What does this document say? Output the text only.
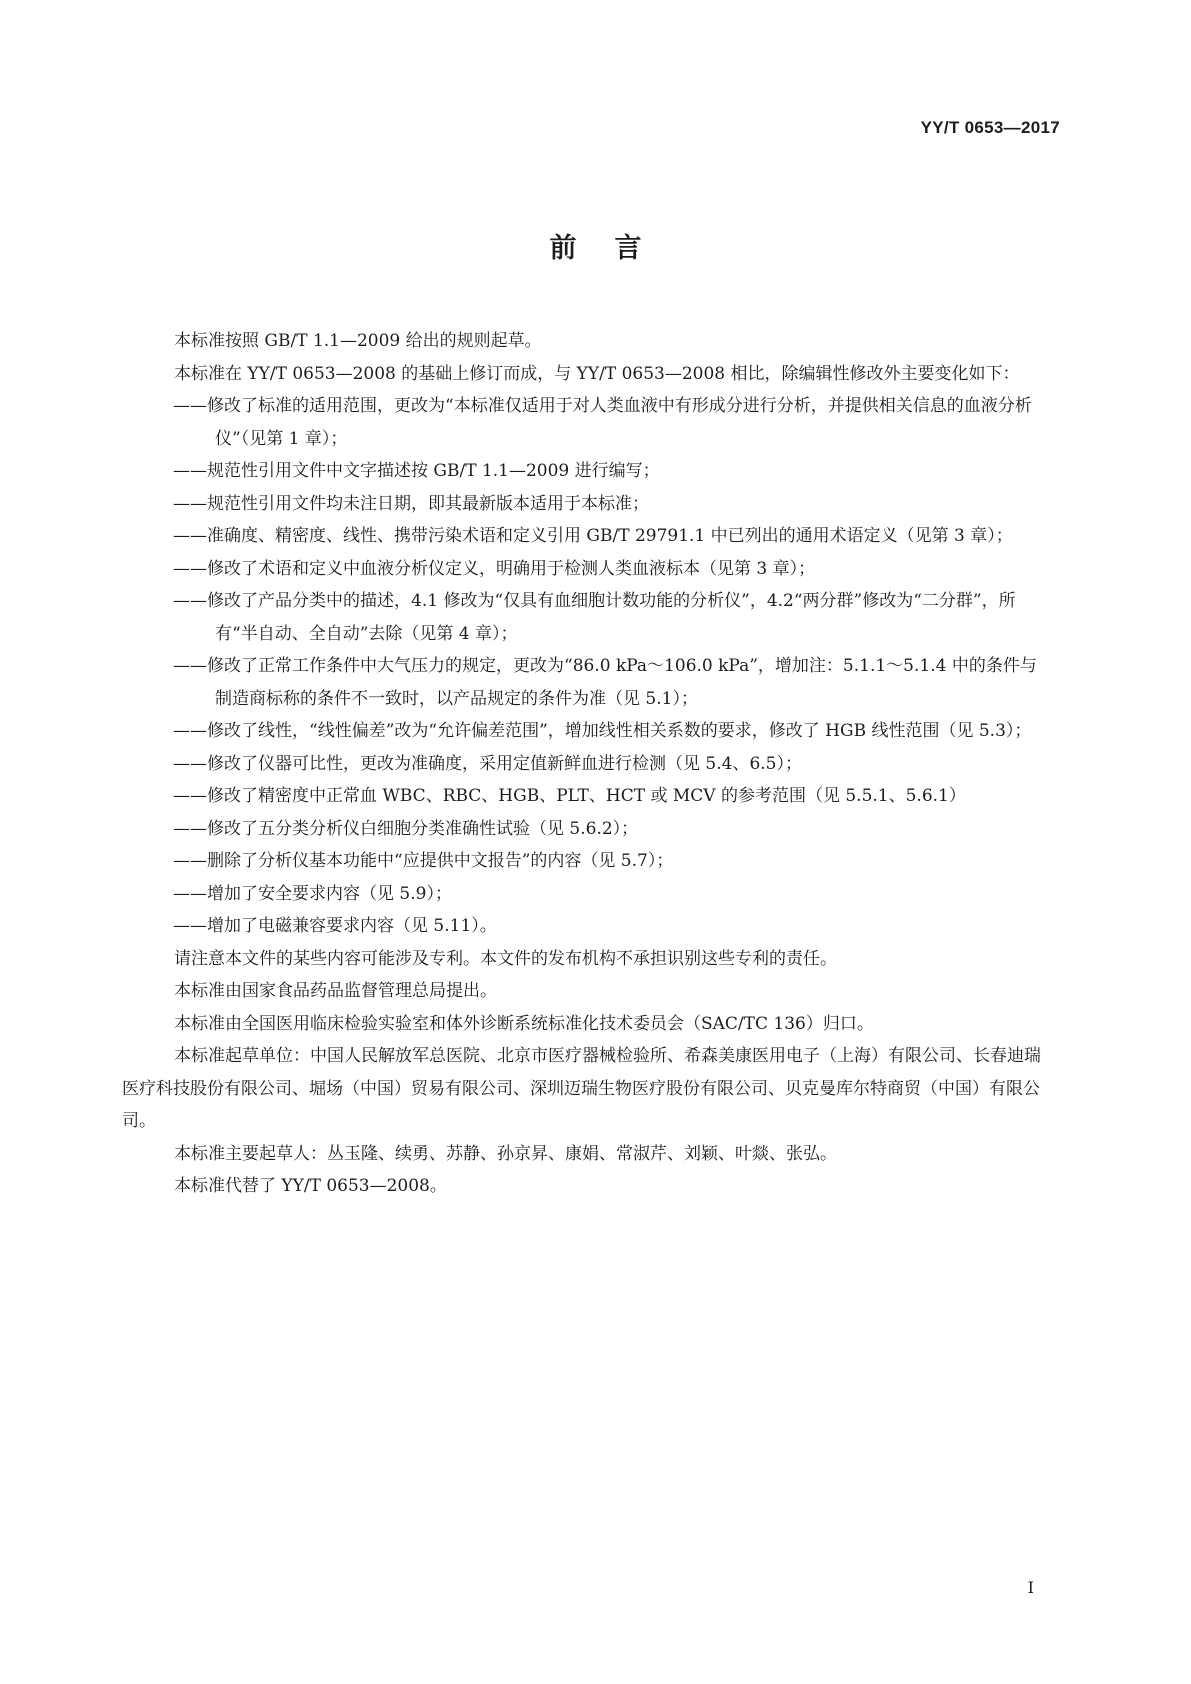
YY/T 0653—2017
前言

本标准按照 GB/T 1.1—2009 给出的规则起草。

本标准在 YY/T 0653—2008 的基础上修订而成，与 YY/T 0653—2008 相比，除编辑性修改外主要变化如下：

——修改了标准的适用范围，更改为“本标准仅适用于对人类血液中有形成分进行分析，并提供相关信息的血液分析仪”（见第 1 章）；

——规范性引用文件中文字描述按 GB/T 1.1—2009 进行编写；

——规范性引用文件均未注日期，即其最新版本适用于本标准；

——准确度、精密度、线性、携带污染术语和定义引用 GB/T 29791.1 中已列出的通用术语定义（见第 3 章）；

——修改了术语和定义中血液分析仪定义，明确用于检测人类血液标本（见第 3 章）；

——修改了产品分类中的描述，4.1 修改为“仅具有血细胞计数功能的分析仪”，4.2“两分群”修改为“二分群”，所有“半自动、全自动”去除（见第 4 章）；

——修改了正常工作条件中大气压力的规定，更改为“86.0 kPa～106.0 kPa”，增加注：5.1.1～5.1.4 中的条件与制造商标称的条件不一致时，以产品规定的条件为准（见 5.1）；

——修改了线性，“线性偏差”改为“允许偏差范围”，增加线性相关系数的要求，修改了 HGB 线性范围（见 5.3）；

——修改了仪器可比性，更改为准确度，采用定值新鲜血进行检测（见 5.4、6.5）；

——修改了精密度中正常血 WBC、RBC、HGB、PLT、HCT 或 MCV 的参考范围（见 5.5.1、5.6.1）

——修改了五分类分析仪白细胞分类准确性试验（见 5.6.2）；

——删除了分析仪基本功能中“应提供中文报告”的内容（见 5.7）；

——增加了安全要求内容（见 5.9）；

——增加了电磁兼容要求内容（见 5.11）。

请注意本文件的某些内容可能涉及专利。本文件的发布机构不承担识别这些专利的责任。

本标准由国家食品药品监督管理总局提出。

本标准由全国医用临床检验实验室和体外诊断系统标准化技术委员会（SAC/TC 136）归口。

本标准起草单位：中国人民解放军总医院、北京市医疗器械检验所、希森美康医用电子（上海）有限公司、长春迪瑞医疗科技股份有限公司、堀场（中国）贸易有限公司、深圳迈瑞生物医疗股份有限公司、贝克曼库尔特商贸（中国）有限公司。

本标准主要起草人：丛玉隆、续勇、苏静、孙京昇、康娟、常淑芹、刘颖、叶燚、张弘。

本标准代替了 YY/T 0653—2008。

I
